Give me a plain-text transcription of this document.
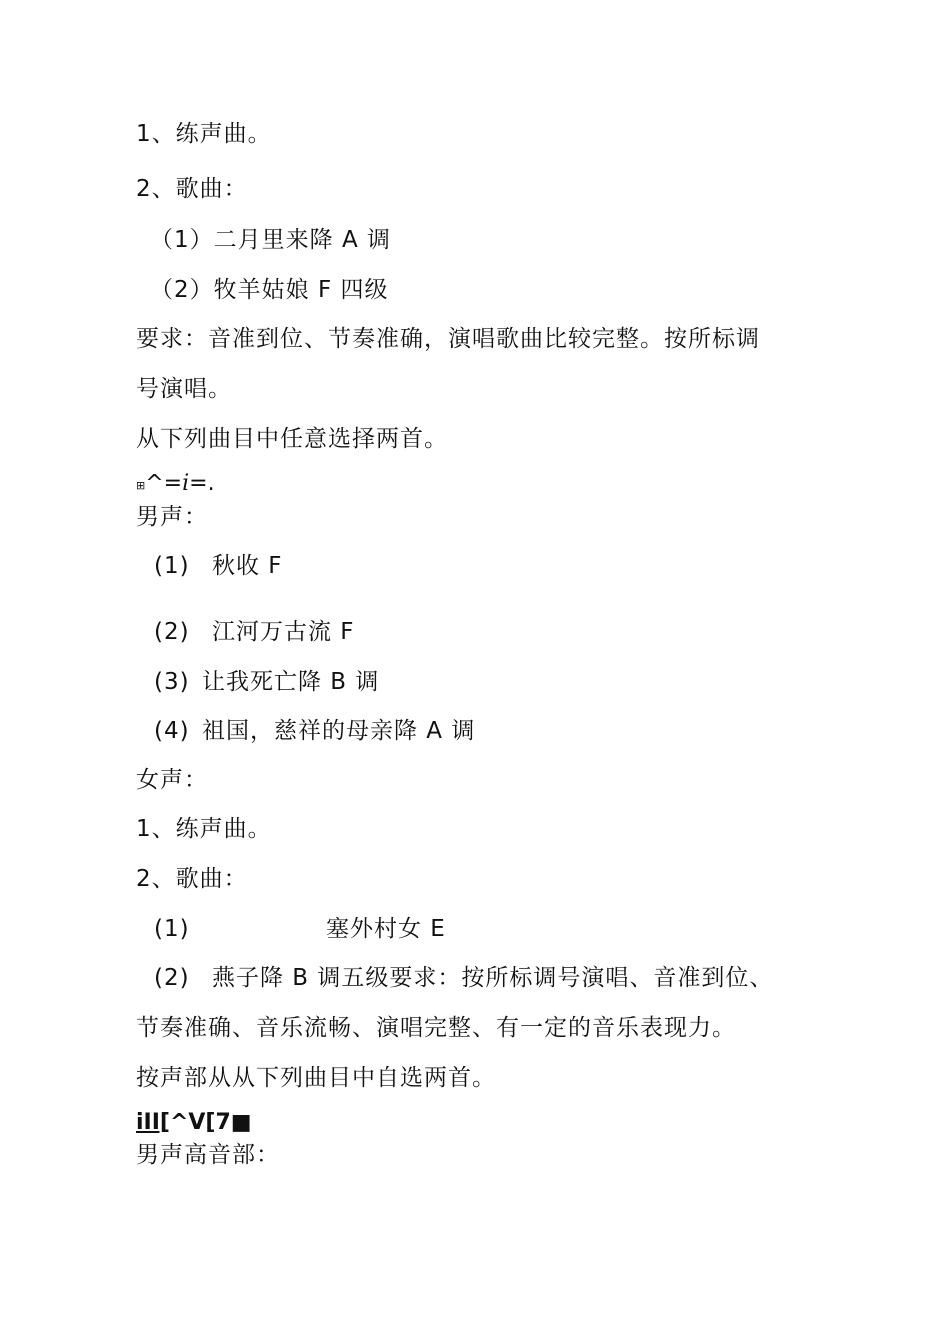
1、练声曲。
2、歌曲：
（1）二月里来降 A 调
（2）牧羊姑娘 F 四级
要求：音准到位、节奏准确，演唱歌曲比较完整。按所标调
号演唱。
从下列曲目中任意选择两首。
⊞^=i=.
男声：
(1) 秋收 F
(2) 江河万古流 F
(3) 让我死亡降 B 调
(4) 祖国，慈祥的母亲降 A 调
女声：
1、练声曲。
2、歌曲：
(1)	塞外村女 E
(2) 燕子降 B 调五级要求：按所标调号演唱、音准到位、
节奏准确、音乐流畅、演唱完整、有一定的音乐表现力。
按声部从从下列曲目中自选两首。
iII[^V[7■
男声高音部：
